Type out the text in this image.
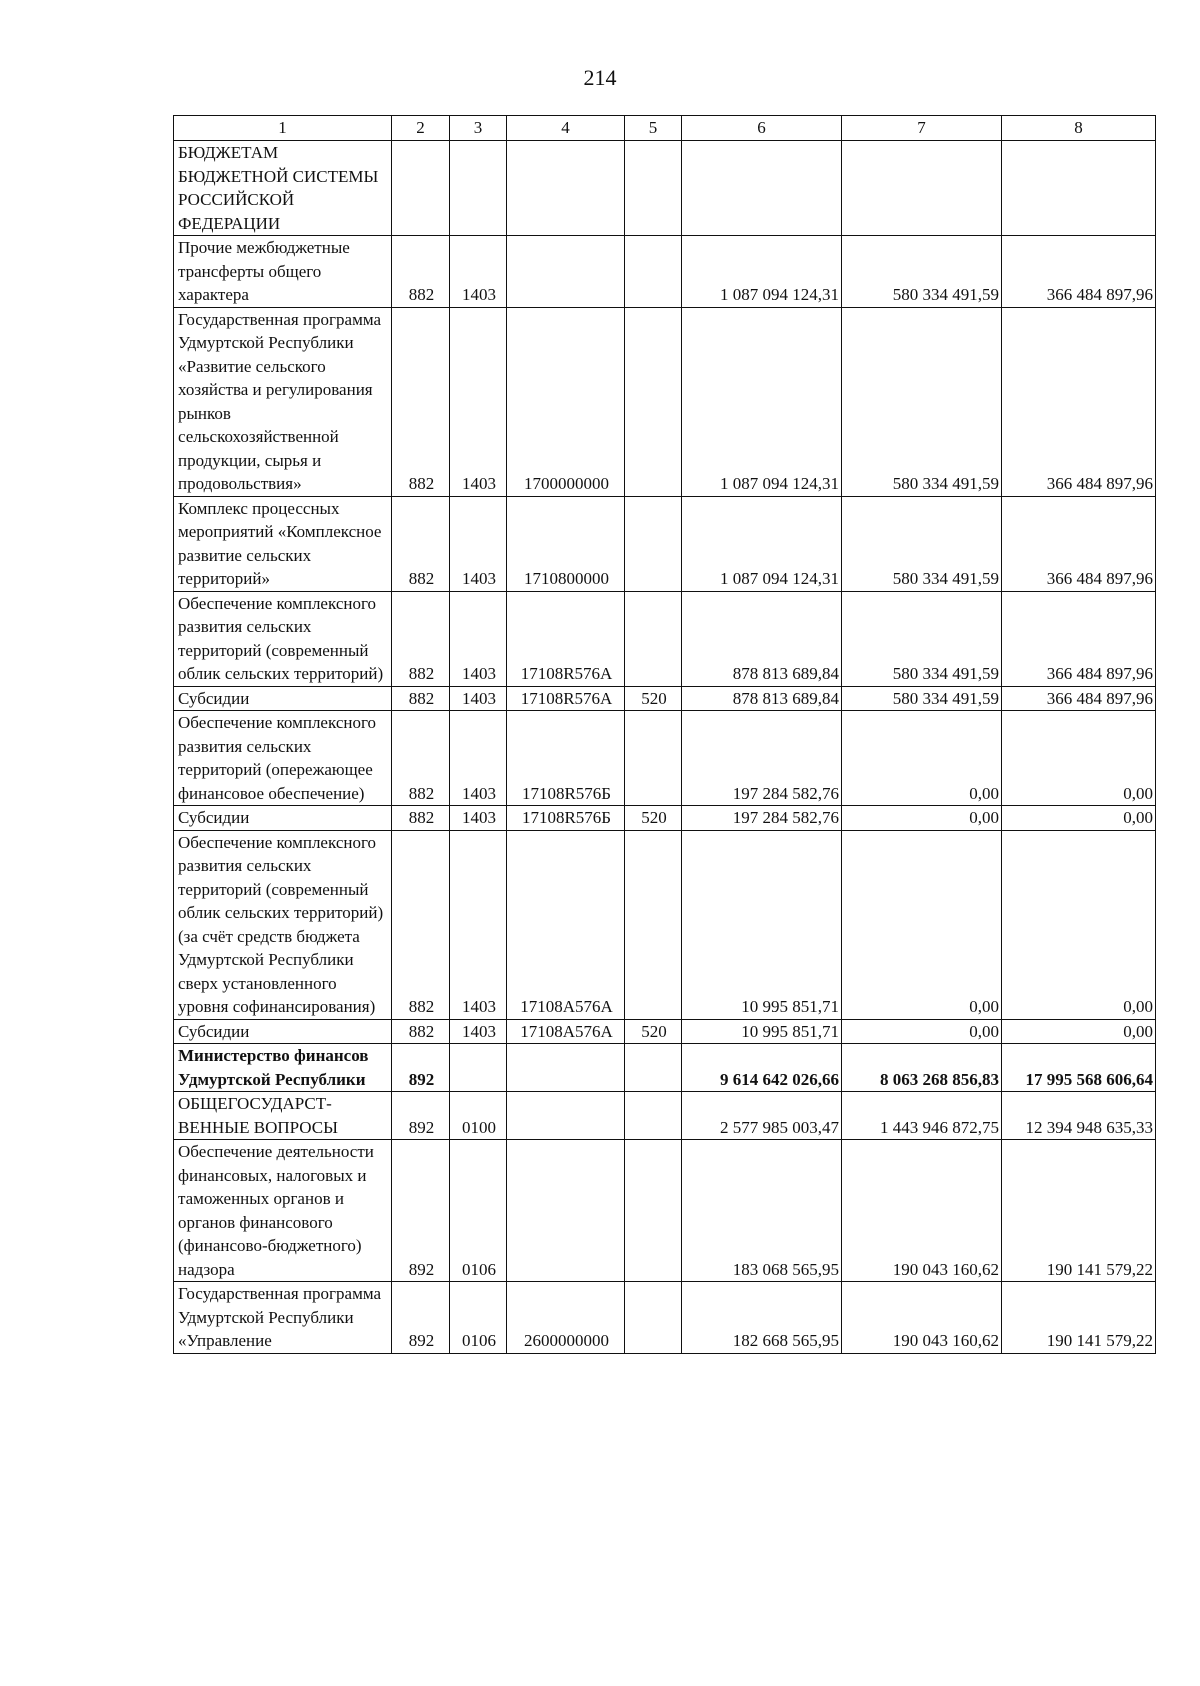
214
1	2	3	4	5	6	7	8
БЮДЖЕТАМ БЮДЖЕТНОЙ СИСТЕМЫ РОССИЙСКОЙ ФЕДЕРАЦИИ							
Прочие межбюджетные трансферты общего характера	882	1403			1 087 094 124,31	580 334 491,59	366 484 897,96
Государственная программа Удмуртской Республики «Развитие сельского хозяйства и регулирования рынков сельскохозяйственной продукции, сырья и продовольствия»	882	1403	1700000000		1 087 094 124,31	580 334 491,59	366 484 897,96
Комплекс процессных мероприятий «Комплексное развитие сельских территорий»	882	1403	1710800000		1 087 094 124,31	580 334 491,59	366 484 897,96
Обеспечение комплексного развития сельских территорий (современный облик сельских территорий)	882	1403	17108R576A		878 813 689,84	580 334 491,59	366 484 897,96
Субсидии	882	1403	17108R576A	520	878 813 689,84	580 334 491,59	366 484 897,96
Обеспечение комплексного развития сельских территорий (опережающее финансовое обеспечение)	882	1403	17108R576Б		197 284 582,76	0,00	0,00
Субсидии	882	1403	17108R576Б	520	197 284 582,76	0,00	0,00
Обеспечение комплексного развития сельских территорий (современный облик сельских территорий) (за счёт средств бюджета Удмуртской Республики сверх установленного уровня софинансирования)	882	1403	17108А576А		10 995 851,71	0,00	0,00
Субсидии	882	1403	17108А576А	520	10 995 851,71	0,00	0,00
Министерство финансов Удмуртской Республики	892				9 614 642 026,66	8 063 268 856,83	17 995 568 606,64
ОБЩЕГОСУДАРСТ-ВЕННЫЕ ВОПРОСЫ	892	0100			2 577 985 003,47	1 443 946 872,75	12 394 948 635,33
Обеспечение деятельности финансовых, налоговых и таможенных органов и органов финансового (финансово-бюджетного) надзора	892	0106			183 068 565,95	190 043 160,62	190 141 579,22
Государственная программа Удмуртской Республики «Управление	892	0106	2600000000		182 668 565,95	190 043 160,62	190 141 579,22
